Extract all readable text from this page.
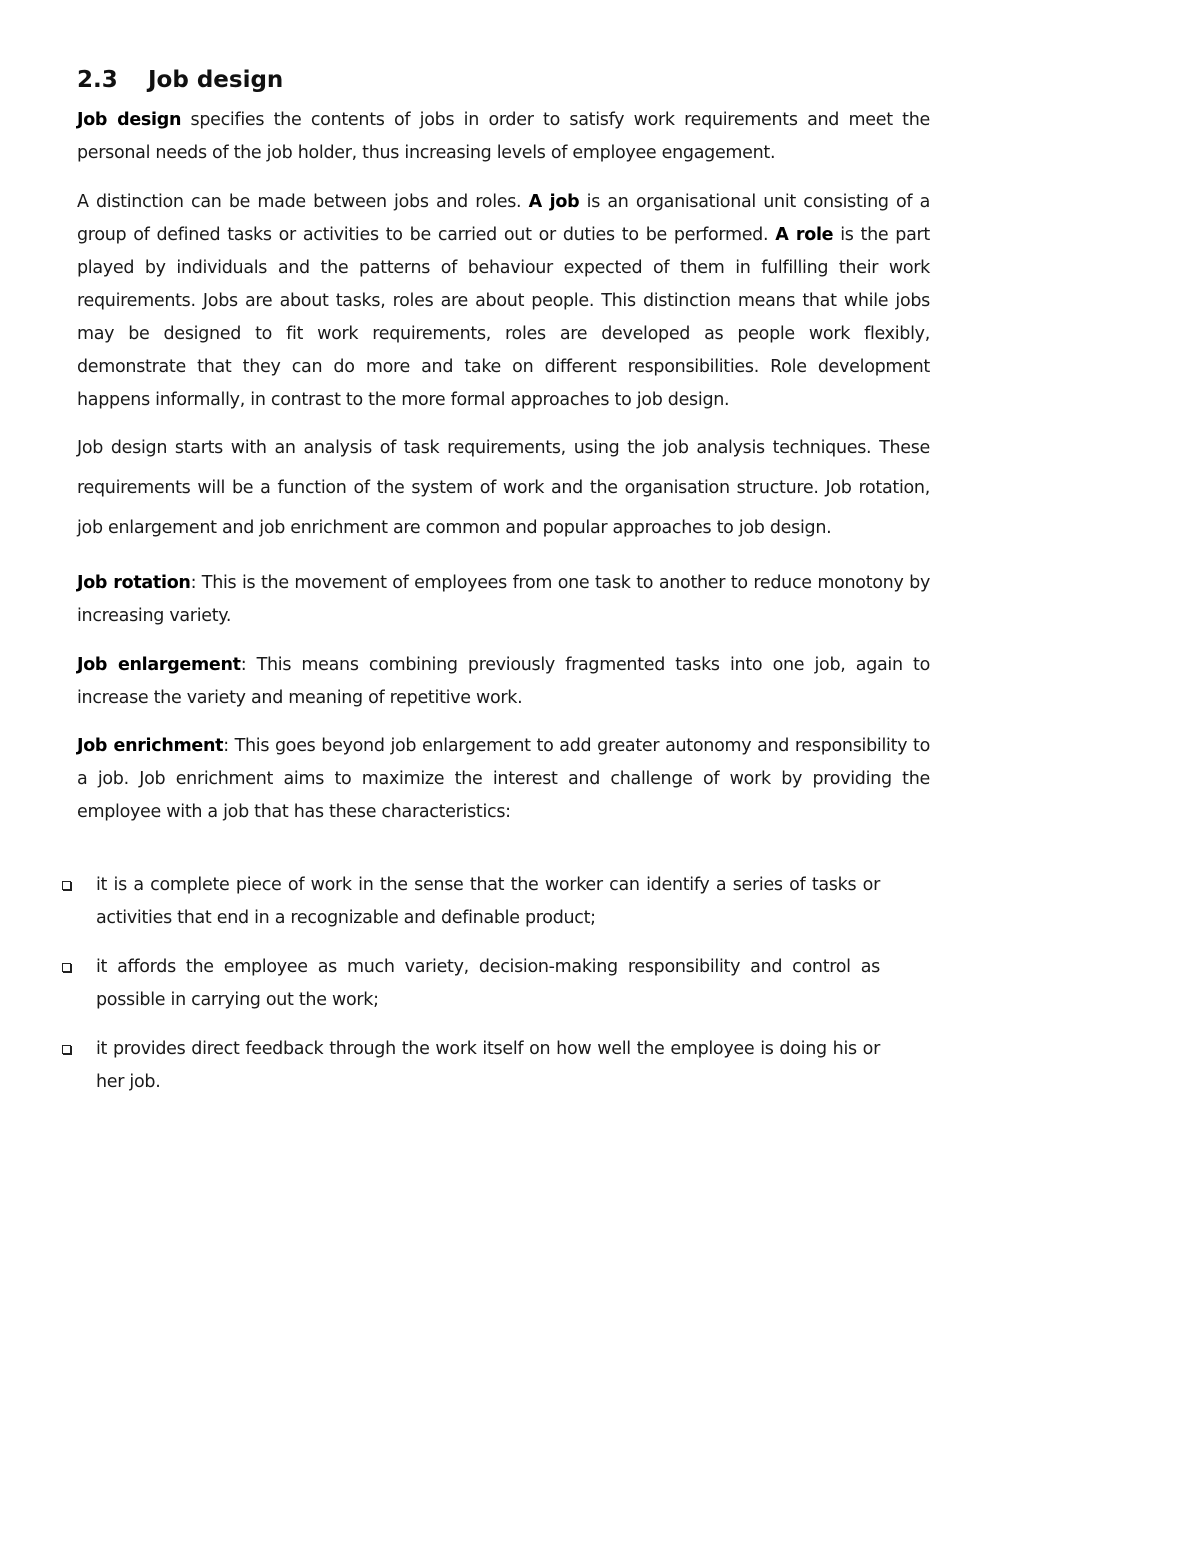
2.3 Job design

Job design specifies the contents of jobs in order to satisfy work requirements and meet the personal needs of the job holder, thus increasing levels of employee engagement.

A distinction can be made between jobs and roles. A job is an organisational unit consisting of a group of defined tasks or activities to be carried out or duties to be performed. A role is the part played by individuals and the patterns of behaviour expected of them in fulfilling their work requirements. Jobs are about tasks, roles are about people. This distinction means that while jobs may be designed to fit work requirements, roles are developed as people work flexibly, demonstrate that they can do more and take on different responsibilities. Role development happens informally, in contrast to the more formal approaches to job design.

Job design starts with an analysis of task requirements, using the job analysis techniques. These requirements will be a function of the system of work and the organisation structure. Job rotation, job enlargement and job enrichment are common and popular approaches to job design.

Job rotation: This is the movement of employees from one task to another to reduce monotony by increasing variety.

Job enlargement: This means combining previously fragmented tasks into one job, again to increase the variety and meaning of repetitive work.

Job enrichment: This goes beyond job enlargement to add greater autonomy and responsibility to a job. Job enrichment aims to maximize the interest and challenge of work by providing the employee with a job that has these characteristics:

it is a complete piece of work in the sense that the worker can identify a series of tasks or activities that end in a recognizable and definable product;
it affords the employee as much variety, decision-making responsibility and control as possible in carrying out the work;
it provides direct feedback through the work itself on how well the employee is doing his or her job.
